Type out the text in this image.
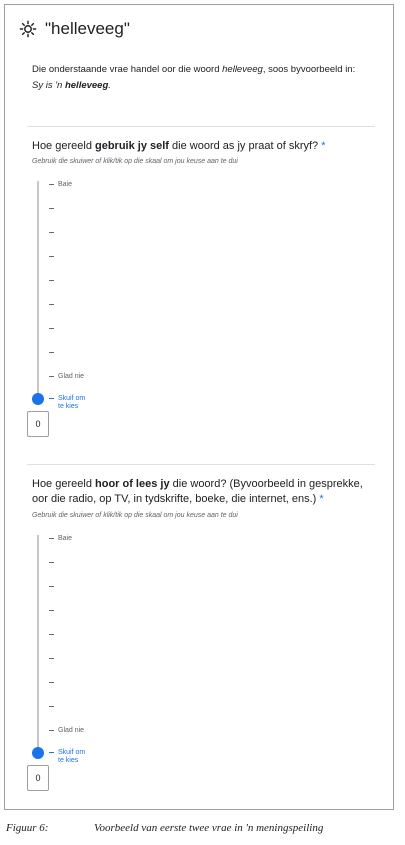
"helleveeg"
Die onderstaande vrae handel oor die woord helleveeg, soos byvoorbeeld in:
Sy is 'n helleveeg.
Hoe gereeld gebruik jy self die woord as jy praat of skryf? *
Gebruik die skuiwer of klik/tik op die skaal om jou keuse aan te dui
Baie
Glad nie
Skuif om
te kies
0
Hoe gereeld hoor of lees jy die woord? (Byvoorbeeld in gesprekke, oor die radio, op TV, in tydskrifte, boeke, die internet, ens.) *
Gebruik die skuiwer of klik/tik op die skaal om jou keuse aan te dui
Baie
Glad nie
Skuif om
te kies
0
Figuur 6:	Voorbeeld van eerste twee vrae in 'n meningspeiling
